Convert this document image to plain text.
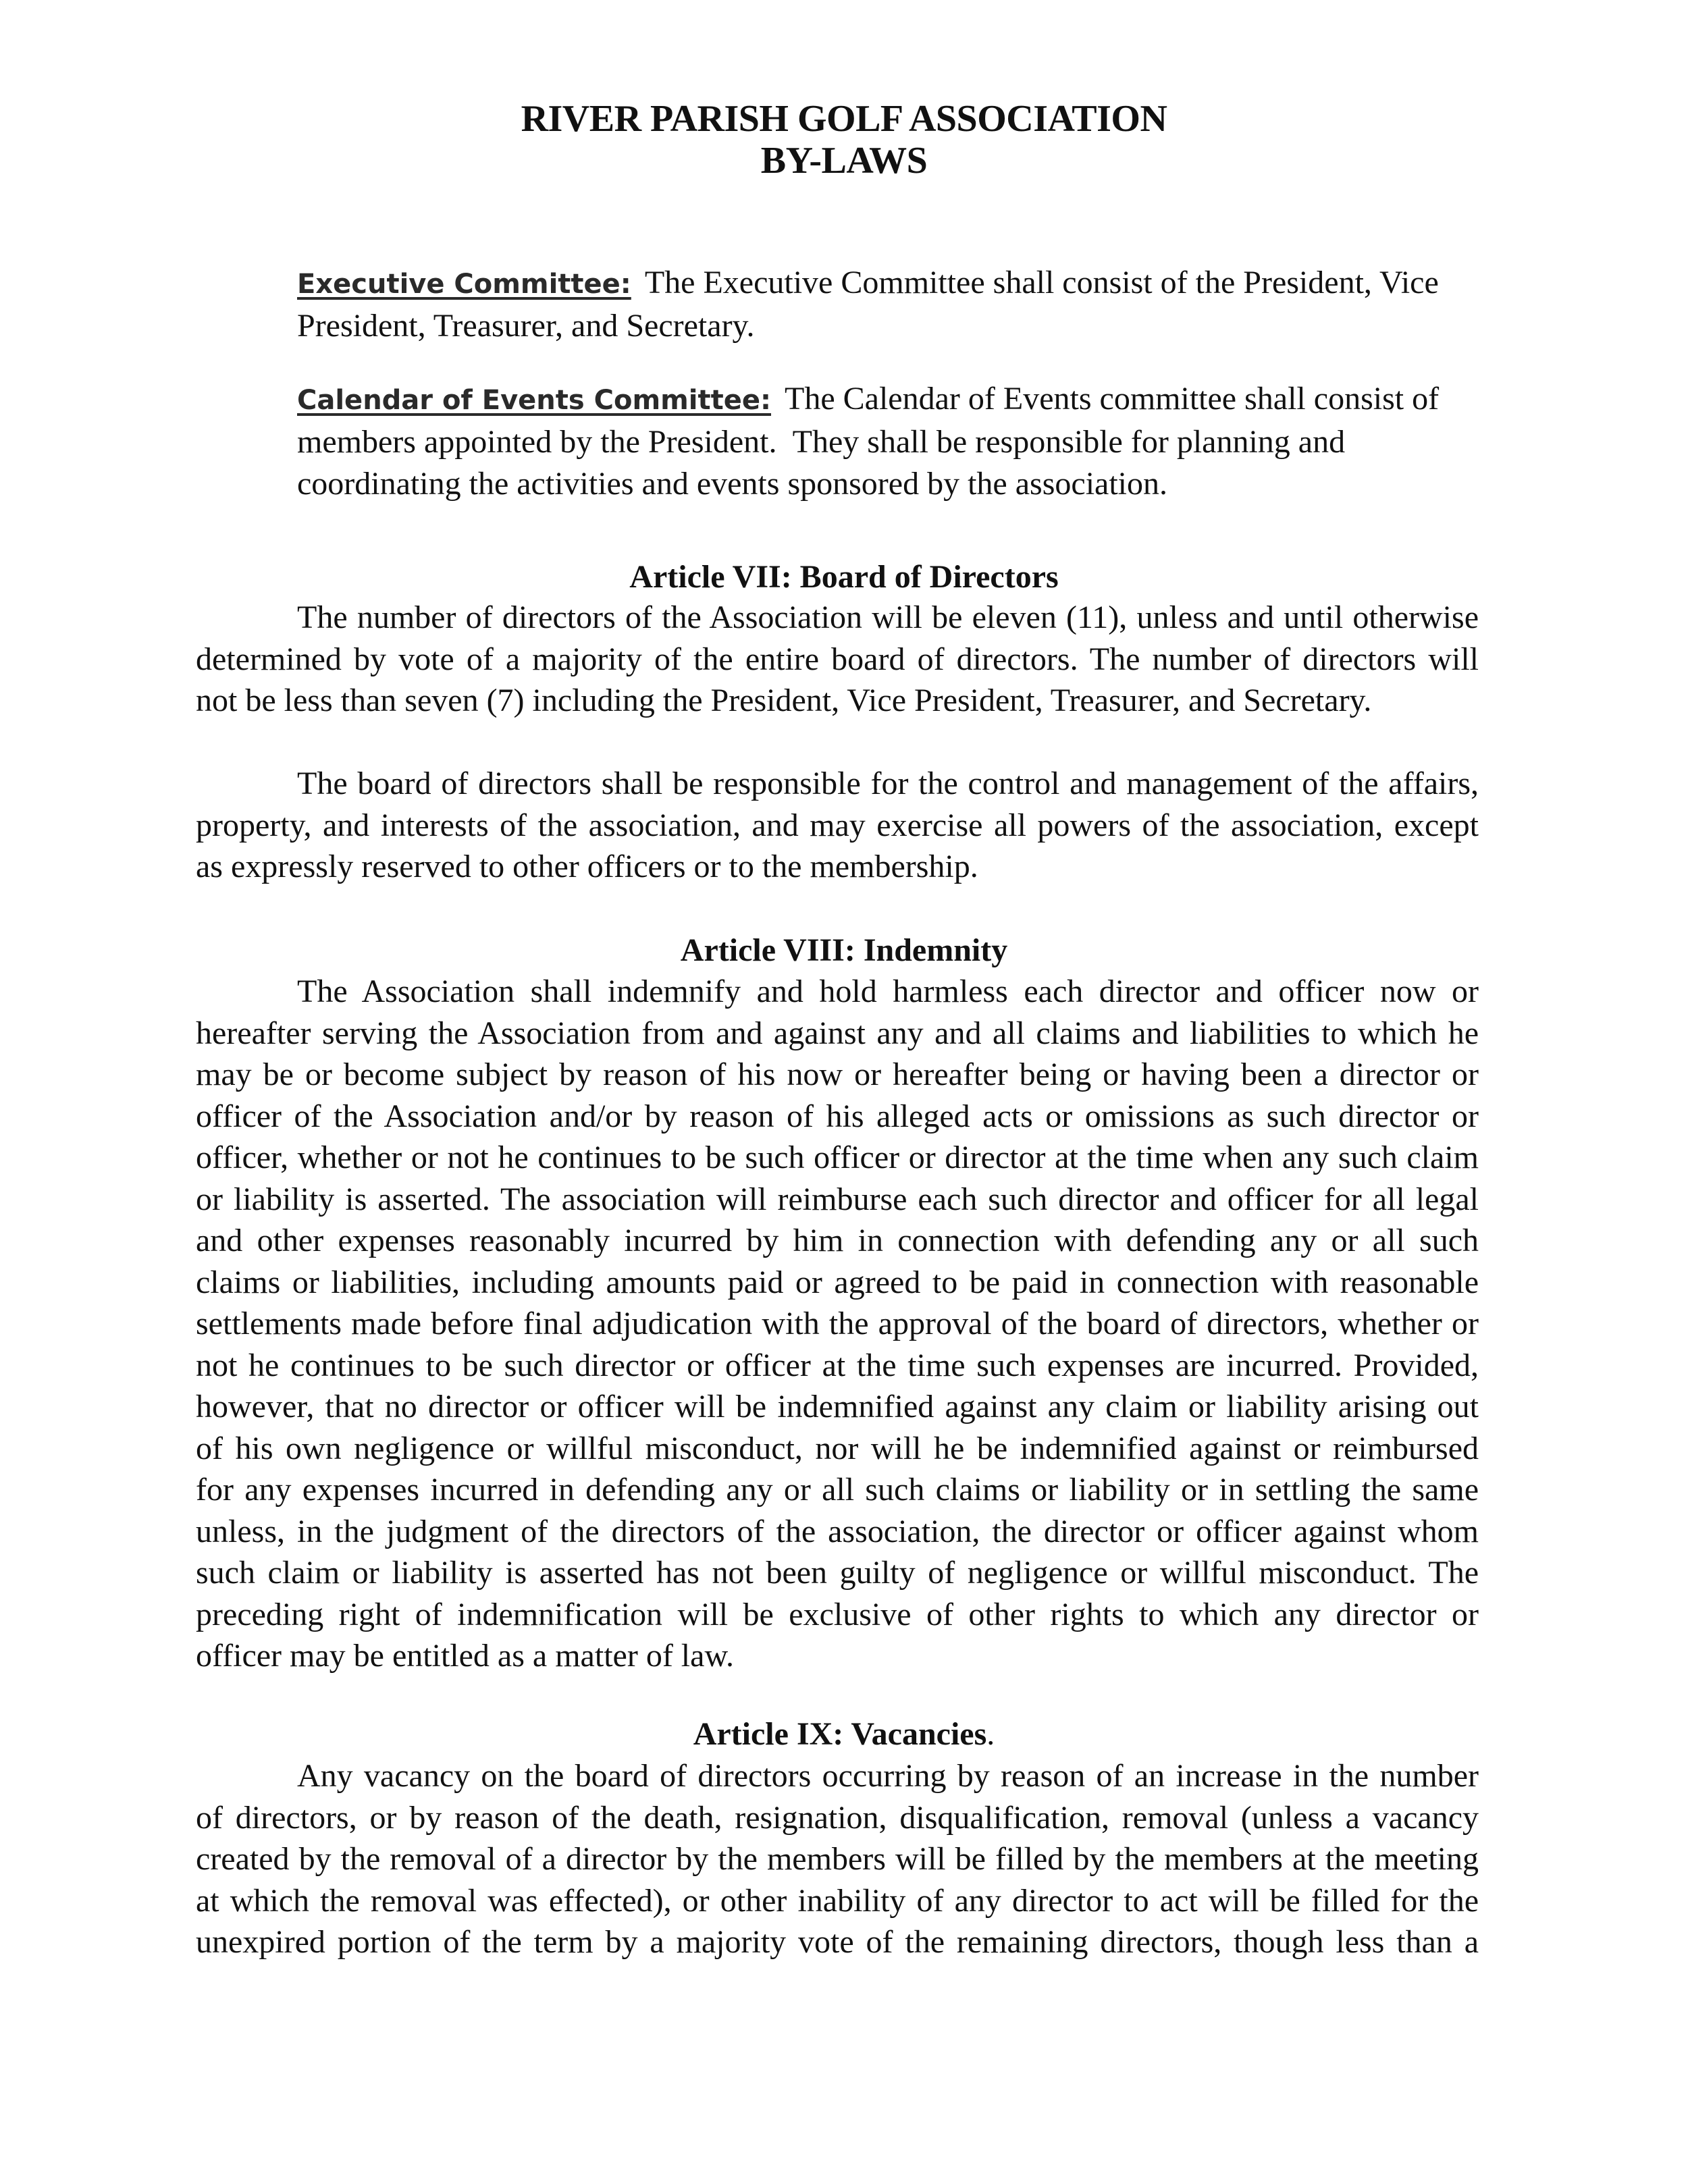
RIVER PARISH GOLF ASSOCIATION
BY-LAWS
Executive Committee: The Executive Committee shall consist of the President, Vice
President, Treasurer, and Secretary.
Calendar of Events Committee: The Calendar of Events committee shall consist of
members appointed by the President.  They shall be responsible for planning and
coordinating the activities and events sponsored by the association.
Article VII: Board of Directors
The number of directors of the Association will be eleven (11), unless and until otherwise
determined by vote of a majority of the entire board of directors. The number of directors will
not be less than seven (7) including the President, Vice President, Treasurer, and Secretary.
The board of directors shall be responsible for the control and management of the affairs,
property, and interests of the association, and may exercise all powers of the association, except
as expressly reserved to other officers or to the membership.
Article VIII: Indemnity
The Association shall indemnify and hold harmless each director and officer now or
hereafter serving the Association from and against any and all claims and liabilities to which he
may be or become subject by reason of his now or hereafter being or having been a director or
officer of the Association and/or by reason of his alleged acts or omissions as such director or
officer, whether or not he continues to be such officer or director at the time when any such claim
or liability is asserted. The association will reimburse each such director and officer for all legal
and other expenses reasonably incurred by him in connection with defending any or all such
claims or liabilities, including amounts paid or agreed to be paid in connection with reasonable
settlements made before final adjudication with the approval of the board of directors, whether or
not he continues to be such director or officer at the time such expenses are incurred. Provided,
however, that no director or officer will be indemnified against any claim or liability arising out
of his own negligence or willful misconduct, nor will he be indemnified against or reimbursed
for any expenses incurred in defending any or all such claims or liability or in settling the same
unless, in the judgment of the directors of the association, the director or officer against whom
such claim or liability is asserted has not been guilty of negligence or willful misconduct. The
preceding right of indemnification will be exclusive of other rights to which any director or
officer may be entitled as a matter of law.
Article IX: Vacancies.
Any vacancy on the board of directors occurring by reason of an increase in the number
of directors, or by reason of the death, resignation, disqualification, removal (unless a vacancy
created by the removal of a director by the members will be filled by the members at the meeting
at which the removal was effected), or other inability of any director to act will be filled for the
unexpired portion of the term by a majority vote of the remaining directors, though less than a
